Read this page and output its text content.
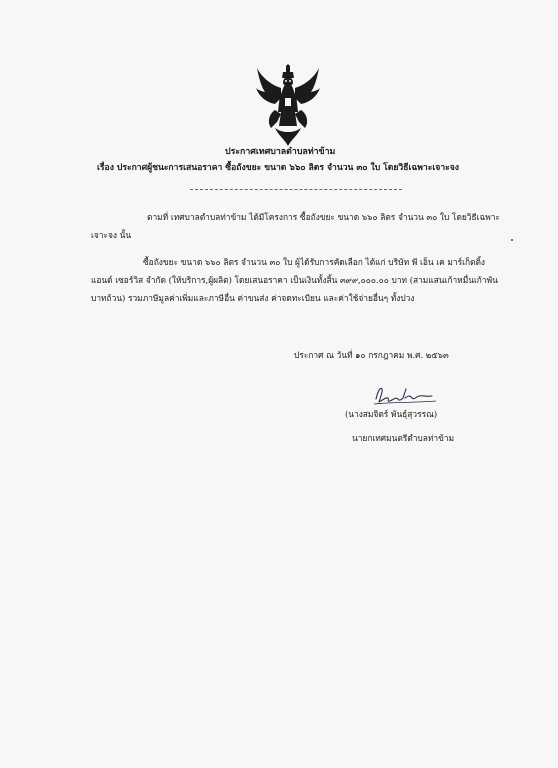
ประกาศเทศบาลตำบลท่าข้าม
เรื่อง ประกาศผู้ชนะการเสนอราคา ซื้อถังขยะ ขนาด ๖๖๐ ลิตร จำนวน ๓๐ ใบ โดยวิธีเฉพาะเจาะจง
ตามที่ เทศบาลตำบลท่าข้าม ได้มีโครงการ ซื้อถังขยะ ขนาด ๖๖๐ ลิตร จำนวน ๓๐ ใบ โดยวิธีเฉพาะ
เจาะจง นั้น
ซื้อถังขยะ ขนาด ๖๖๐ ลิตร จำนวน ๓๐ ใบ ผู้ได้รับการคัดเลือก ได้แก่ บริษัท พี เอ็น เค มาร์เก็ตติ้ง
แอนด์ เซอร์วิส จำกัด (ให้บริการ,ผู้ผลิต) โดยเสนอราคา เป็นเงินทั้งสิ้น ๓๙๙,๐๐๐.๐๐ บาท (สามแสนเก้าหมื่นเก้าพัน
บาทถ้วน) รวมภาษีมูลค่าเพิ่มและภาษีอื่น ค่าขนส่ง ค่าจดทะเบียน และค่าใช้จ่ายอื่นๆ ทั้งปวง
ประกาศ ณ วันที่ ๑๐ กรกฎาคม พ.ศ. ๒๕๖๓
(นางสมจิตร์ พันธุ์สุวรรณ)
นายกเทศมนตรีตำบลท่าข้าม
